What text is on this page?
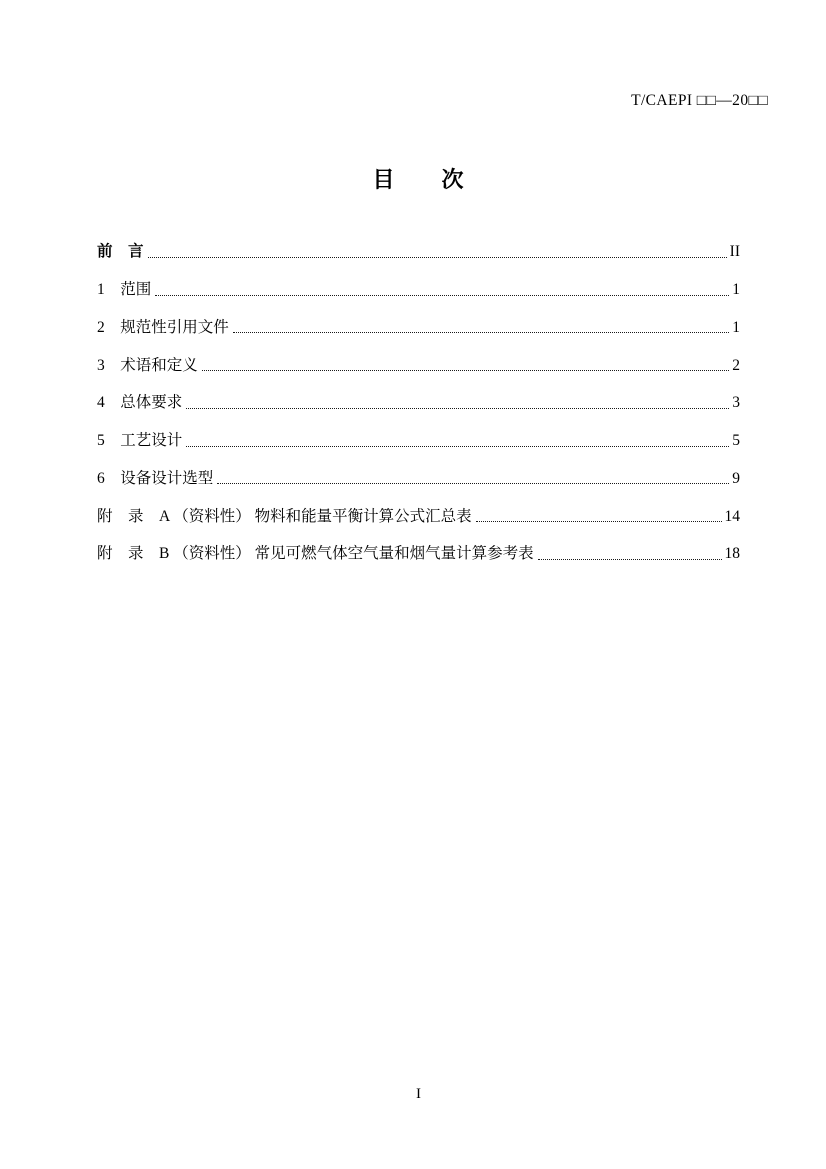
T/CAEPI □□—20□□
目　　次
前　言	II
1　范围	1
2　规范性引用文件	1
3　术语和定义	2
4　总体要求	3
5　工艺设计	5
6　设备设计选型	9
附　录　A （资料性） 物料和能量平衡计算公式汇总表	14
附　录　B （资料性） 常见可燃气体空气量和烟气量计算参考表	18
I
